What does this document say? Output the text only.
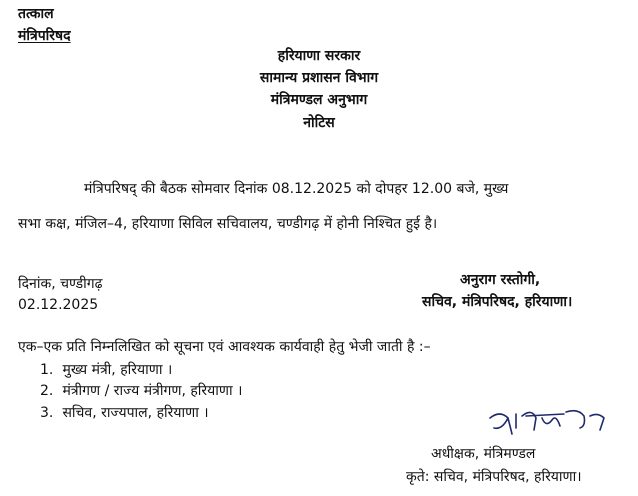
तत्काल
मंत्रिपरिषद
हरियाणा सरकार
सामान्य प्रशासन विभाग
मंत्रिमण्डल अनुभाग
नोटिस
मंत्रिपरिषद् की बैठक सोमवार दिनांक 08.12.2025 को दोपहर 12.00 बजे, मुख्य
सभा कक्ष, मंजिल–4, हरियाणा सिविल सचिवालय, चण्डीगढ़ में होनी निश्चित हुई है।
दिनांक, चण्डीगढ़
02.12.2025
अनुराग रस्तोगी,
सचिव, मंत्रिपरिषद, हरियाणा।
एक–एक प्रति निम्नलिखित को सूचना एवं आवश्यक कार्यवाही हेतु भेजी जाती है :–
1. मुख्य मंत्री, हरियाणा ।
2. मंत्रीगण / राज्य मंत्रीगण, हरियाणा ।
3. सचिव, राज्यपाल, हरियाणा ।
अधीक्षक, मंत्रिमण्डल
कृते: सचिव, मंत्रिपरिषद, हरियाणा।
